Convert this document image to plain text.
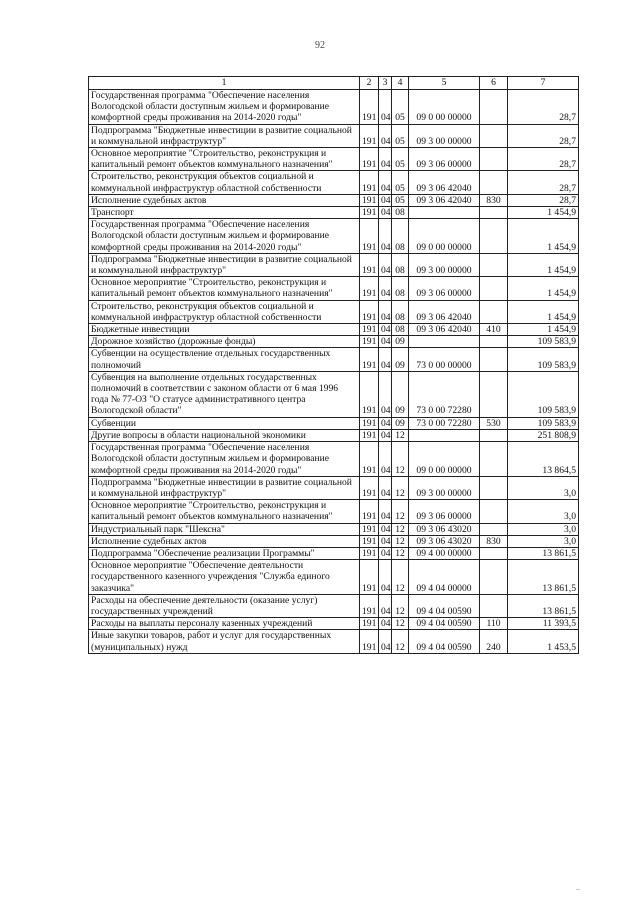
92
1	2	3	4	5	6	7
Государственная программа "Обеспечение населения Вологодской области доступным жильем и формирование комфортной среды проживания на 2014-2020 годы"	191	04	05	09 0 00 00000		28,7
Подпрограмма "Бюджетные инвестиции в развитие социальной и коммунальной инфраструктур"	191	04	05	09 3 00 00000		28,7
Основное мероприятие "Строительство, реконструкция и капитальный ремонт объектов коммунального назначения"	191	04	05	09 3 06 00000		28,7
Строительство, реконструкция объектов социальной и коммунальной инфраструктур областной собственности	191	04	05	09 3 06 42040		28,7
Исполнение судебных актов	191	04	05	09 3 06 42040	830	28,7
Транспорт	191	04	08			1 454,9
Государственная программа "Обеспечение населения Вологодской области доступным жильем и формирование комфортной среды проживания на 2014-2020 годы"	191	04	08	09 0 00 00000		1 454,9
Подпрограмма "Бюджетные инвестиции в развитие социальной и коммунальной инфраструктур"	191	04	08	09 3 00 00000		1 454,9
Основное мероприятие "Строительство, реконструкция и капитальный ремонт объектов коммунального назначения"	191	04	08	09 3 06 00000		1 454,9
Строительство, реконструкция объектов социальной и коммунальной инфраструктур областной собственности	191	04	08	09 3 06 42040		1 454,9
Бюджетные инвестиции	191	04	08	09 3 06 42040	410	1 454,9
Дорожное хозяйство (дорожные фонды)	191	04	09			109 583,9
Субвенции на осуществление отдельных государственных полномочий	191	04	09	73 0 00 00000		109 583,9
Субвенция на выполнение отдельных государственных полномочий в соответствии с законом области от 6 мая 1996 года № 77-ОЗ "О статусе административного центра Вологодской области"	191	04	09	73 0 00 72280		109 583,9
Субвенции	191	04	09	73 0 00 72280	530	109 583,9
Другие вопросы в области национальной экономики	191	04	12			251 808,9
Государственная программа "Обеспечение населения Вологодской области доступным жильем и формирование комфортной среды проживания на 2014-2020 годы"	191	04	12	09 0 00 00000		13 864,5
Подпрограмма "Бюджетные инвестиции в развитие социальной и коммунальной инфраструктур"	191	04	12	09 3 00 00000		3,0
Основное мероприятие "Строительство, реконструкция и капитальный ремонт объектов коммунального назначения"	191	04	12	09 3 06 00000		3,0
Индустриальный парк "Шексна"	191	04	12	09 3 06 43020		3,0
Исполнение судебных актов	191	04	12	09 3 06 43020	830	3,0
Подпрограмма "Обеспечение реализации Программы"	191	04	12	09 4 00 00000		13 861,5
Основное мероприятие "Обеспечение деятельности государственного казенного учреждения "Служба единого заказчика"	191	04	12	09 4 04 00000		13 861,5
Расходы на обеспечение деятельности (оказание услуг) государственных учреждений	191	04	12	09 4 04 00590		13 861,5
Расходы на выплаты персоналу казенных учреждений	191	04	12	09 4 04 00590	110	11 393,5
Иные закупки товаров, работ и услуг для государственных (муниципальных) нужд	191	04	12	09 4 04 00590	240	1 453,5
–
